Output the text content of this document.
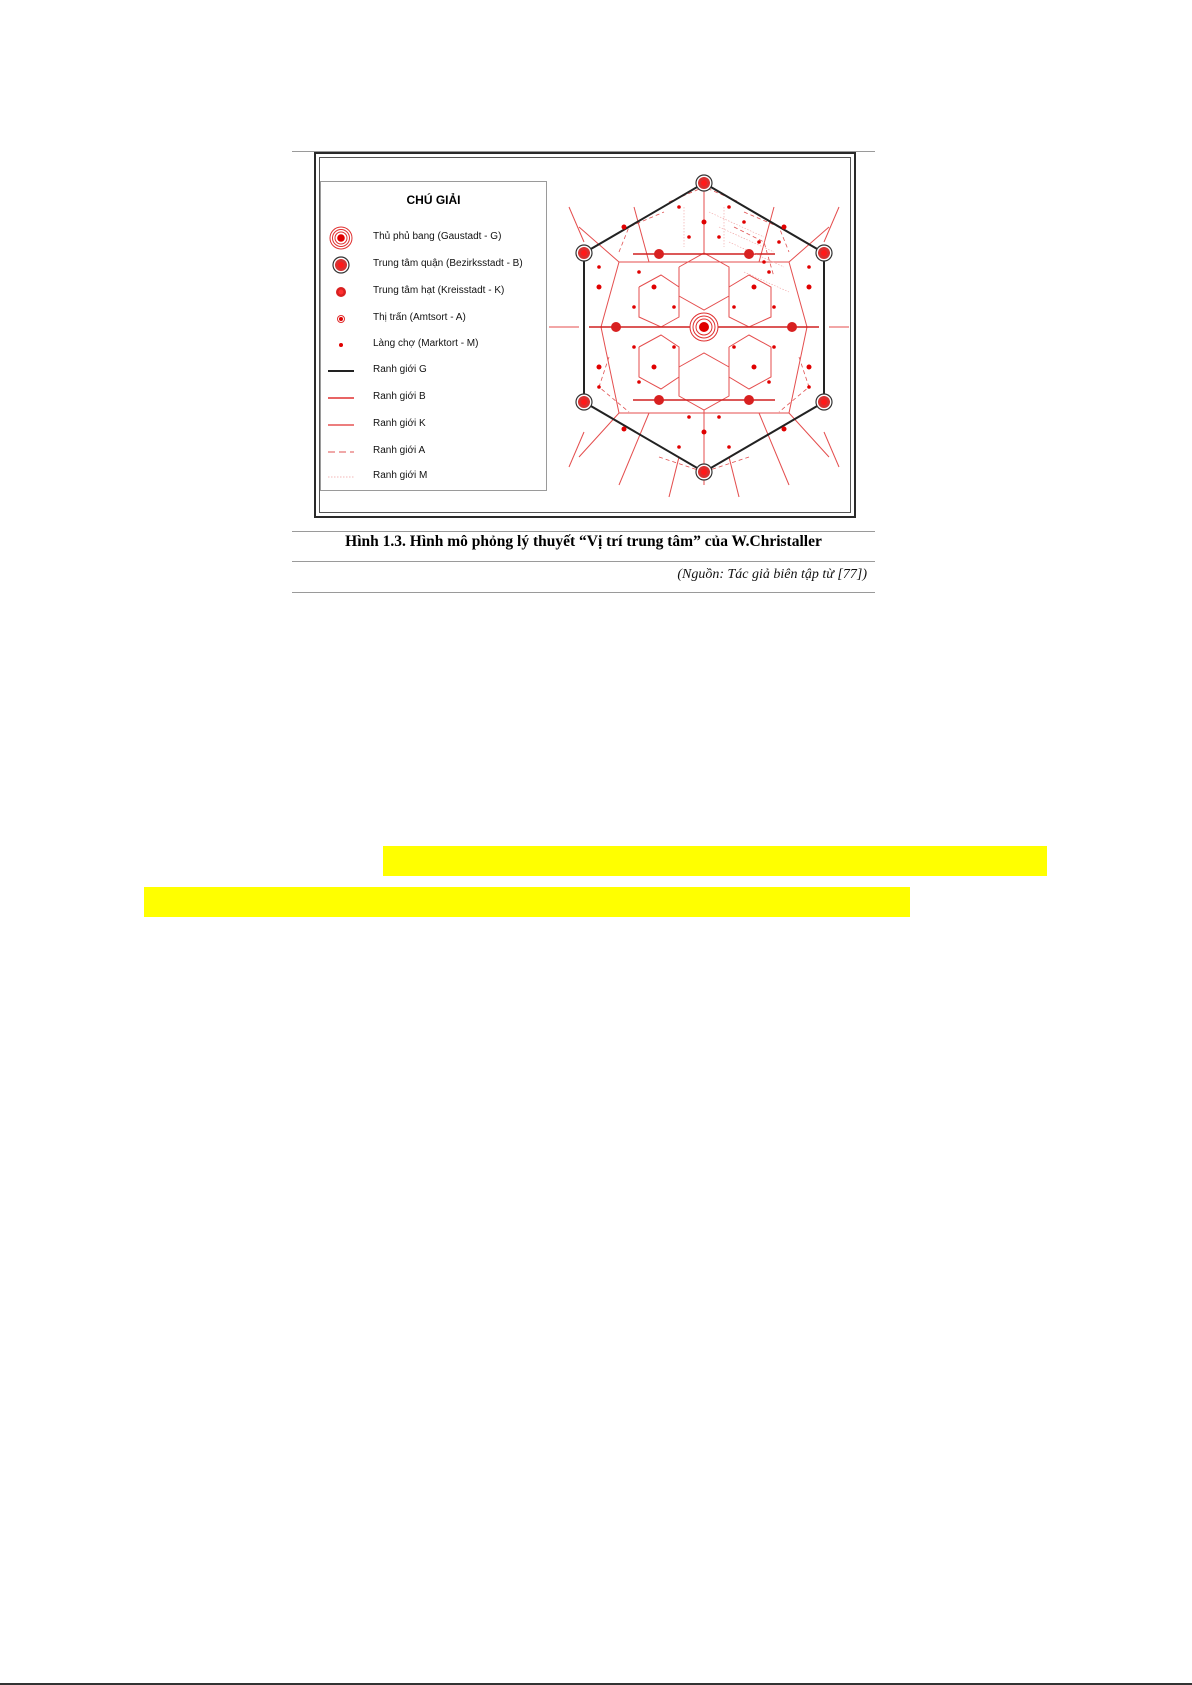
CHÚ GIẢI
Thủ phủ bang (Gaustadt - G)
Trung tâm quận (Bezirksstadt - B)
Trung tâm hạt (Kreisstadt - K)
Thị trấn (Amtsort - A)
Làng chợ (Marktort - M)
Ranh giới G
Ranh giới B
Ranh giới K
Ranh giới A
Ranh giới M
Hình 1.3. Hình mô phỏng lý thuyết “Vị trí trung tâm” của W.Christaller
(Nguồn: Tác giả biên tập từ [77])
